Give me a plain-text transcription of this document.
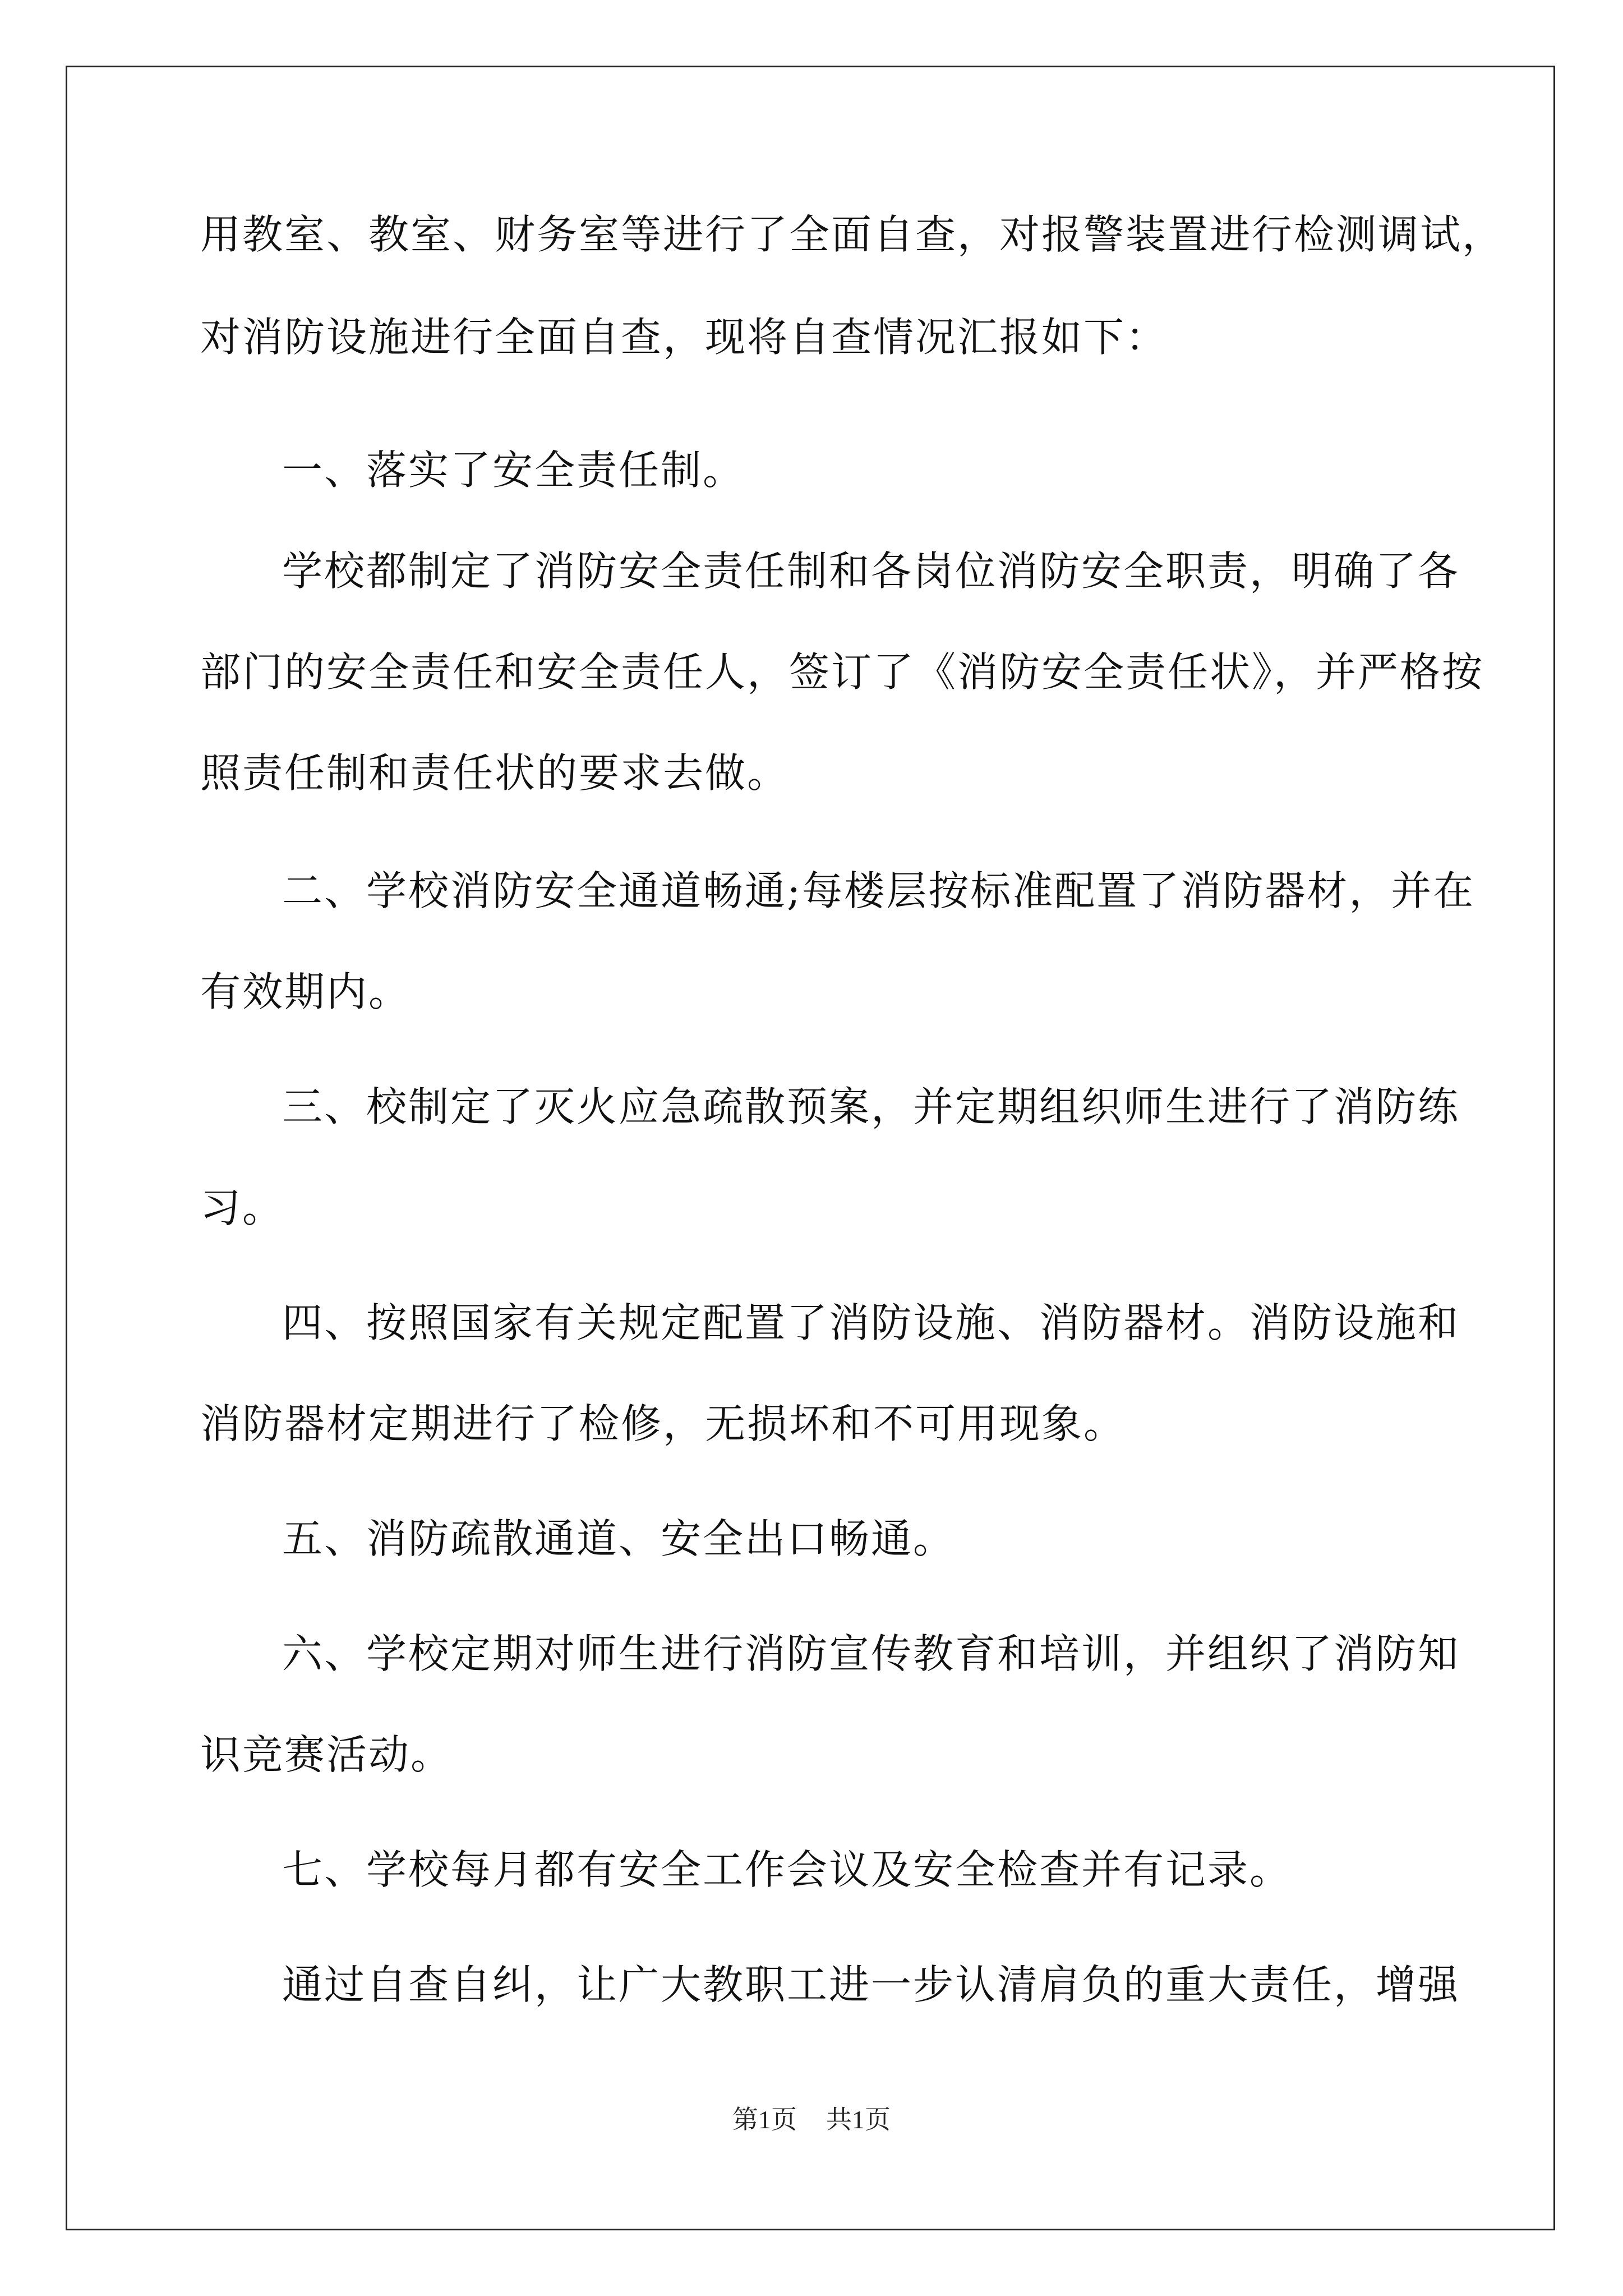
用教室、教室、财务室等进行了全面自查，对报警装置进行检测调试，
对消防设施进行全面自查，现将自查情况汇报如下：
一、落实了安全责任制。
学校都制定了消防安全责任制和各岗位消防安全职责，明确了各
部门的安全责任和安全责任人，签订了《消防安全责任状》，并严格按
照责任制和责任状的要求去做。
二、学校消防安全通道畅通;每楼层按标准配置了消防器材，并在
有效期内。
三、校制定了灭火应急疏散预案，并定期组织师生进行了消防练
习。
四、按照国家有关规定配置了消防设施、消防器材。消防设施和
消防器材定期进行了检修，无损坏和不可用现象。
五、消防疏散通道、安全出口畅通。
六、学校定期对师生进行消防宣传教育和培训，并组织了消防知
识竞赛活动。
七、学校每月都有安全工作会议及安全检查并有记录。
通过自查自纠，让广大教职工进一步认清肩负的重大责任，增强
第1页 共1页
